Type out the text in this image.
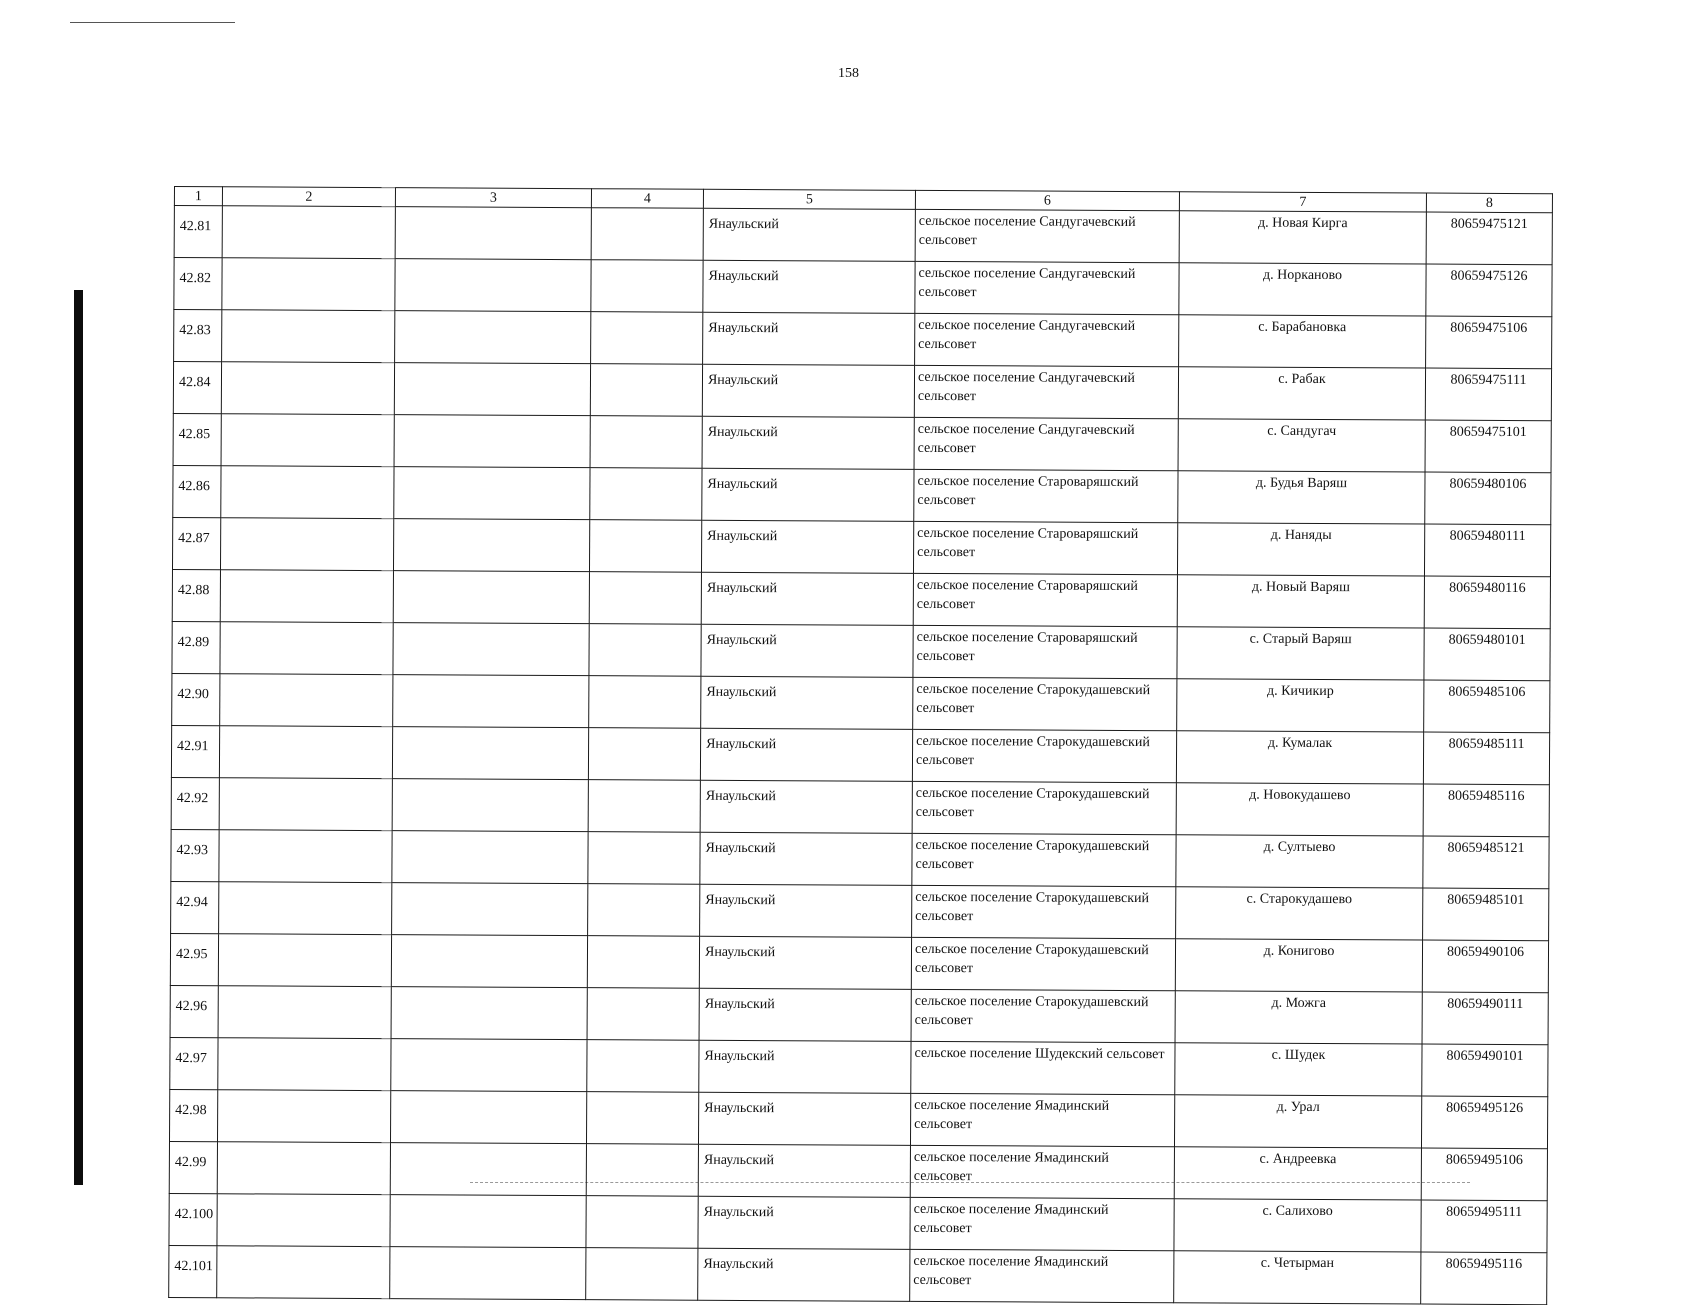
158
1	2	3	4	5	6	7	8
42.81				Янаульский	сельское поселение Сандугачевский сельсовет	д. Новая Кирга	80659475121
42.82				Янаульский	сельское поселение Сандугачевский сельсовет	д. Норканово	80659475126
42.83				Янаульский	сельское поселение Сандугачевский сельсовет	с. Барабановка	80659475106
42.84				Янаульский	сельское поселение Сандугачевский сельсовет	с. Рабак	80659475111
42.85				Янаульский	сельское поселение Сандугачевский сельсовет	с. Сандугач	80659475101
42.86				Янаульский	сельское поселение Староваряшский сельсовет	д. Будья Варяш	80659480106
42.87				Янаульский	сельское поселение Староваряшский сельсовет	д. Наняды	80659480111
42.88				Янаульский	сельское поселение Староваряшский сельсовет	д. Новый Варяш	80659480116
42.89				Янаульский	сельское поселение Староваряшский сельсовет	с. Старый Варяш	80659480101
42.90				Янаульский	сельское поселение Старокудашевский сельсовет	д. Кичикир	80659485106
42.91				Янаульский	сельское поселение Старокудашевский сельсовет	д. Кумалак	80659485111
42.92				Янаульский	сельское поселение Старокудашевский сельсовет	д. Новокудашево	80659485116
42.93				Янаульский	сельское поселение Старокудашевский сельсовет	д. Султыево	80659485121
42.94				Янаульский	сельское поселение Старокудашевский сельсовет	с. Старокудашево	80659485101
42.95				Янаульский	сельское поселение Старокудашевский сельсовет	д. Конигово	80659490106
42.96				Янаульский	сельское поселение Старокудашевский сельсовет	д. Можга	80659490111
42.97				Янаульский	сельское поселение Шудекский сельсовет	с. Шудек	80659490101
42.98				Янаульский	сельское поселение Ямадинский сельсовет	д. Урал	80659495126
42.99				Янаульский	сельское поселение Ямадинский сельсовет	с. Андреевка	80659495106
42.100				Янаульский	сельское поселение Ямадинский сельсовет	с. Салихово	80659495111
42.101				Янаульский	сельское поселение Ямадинский сельсовет	с. Четырман	80659495116
